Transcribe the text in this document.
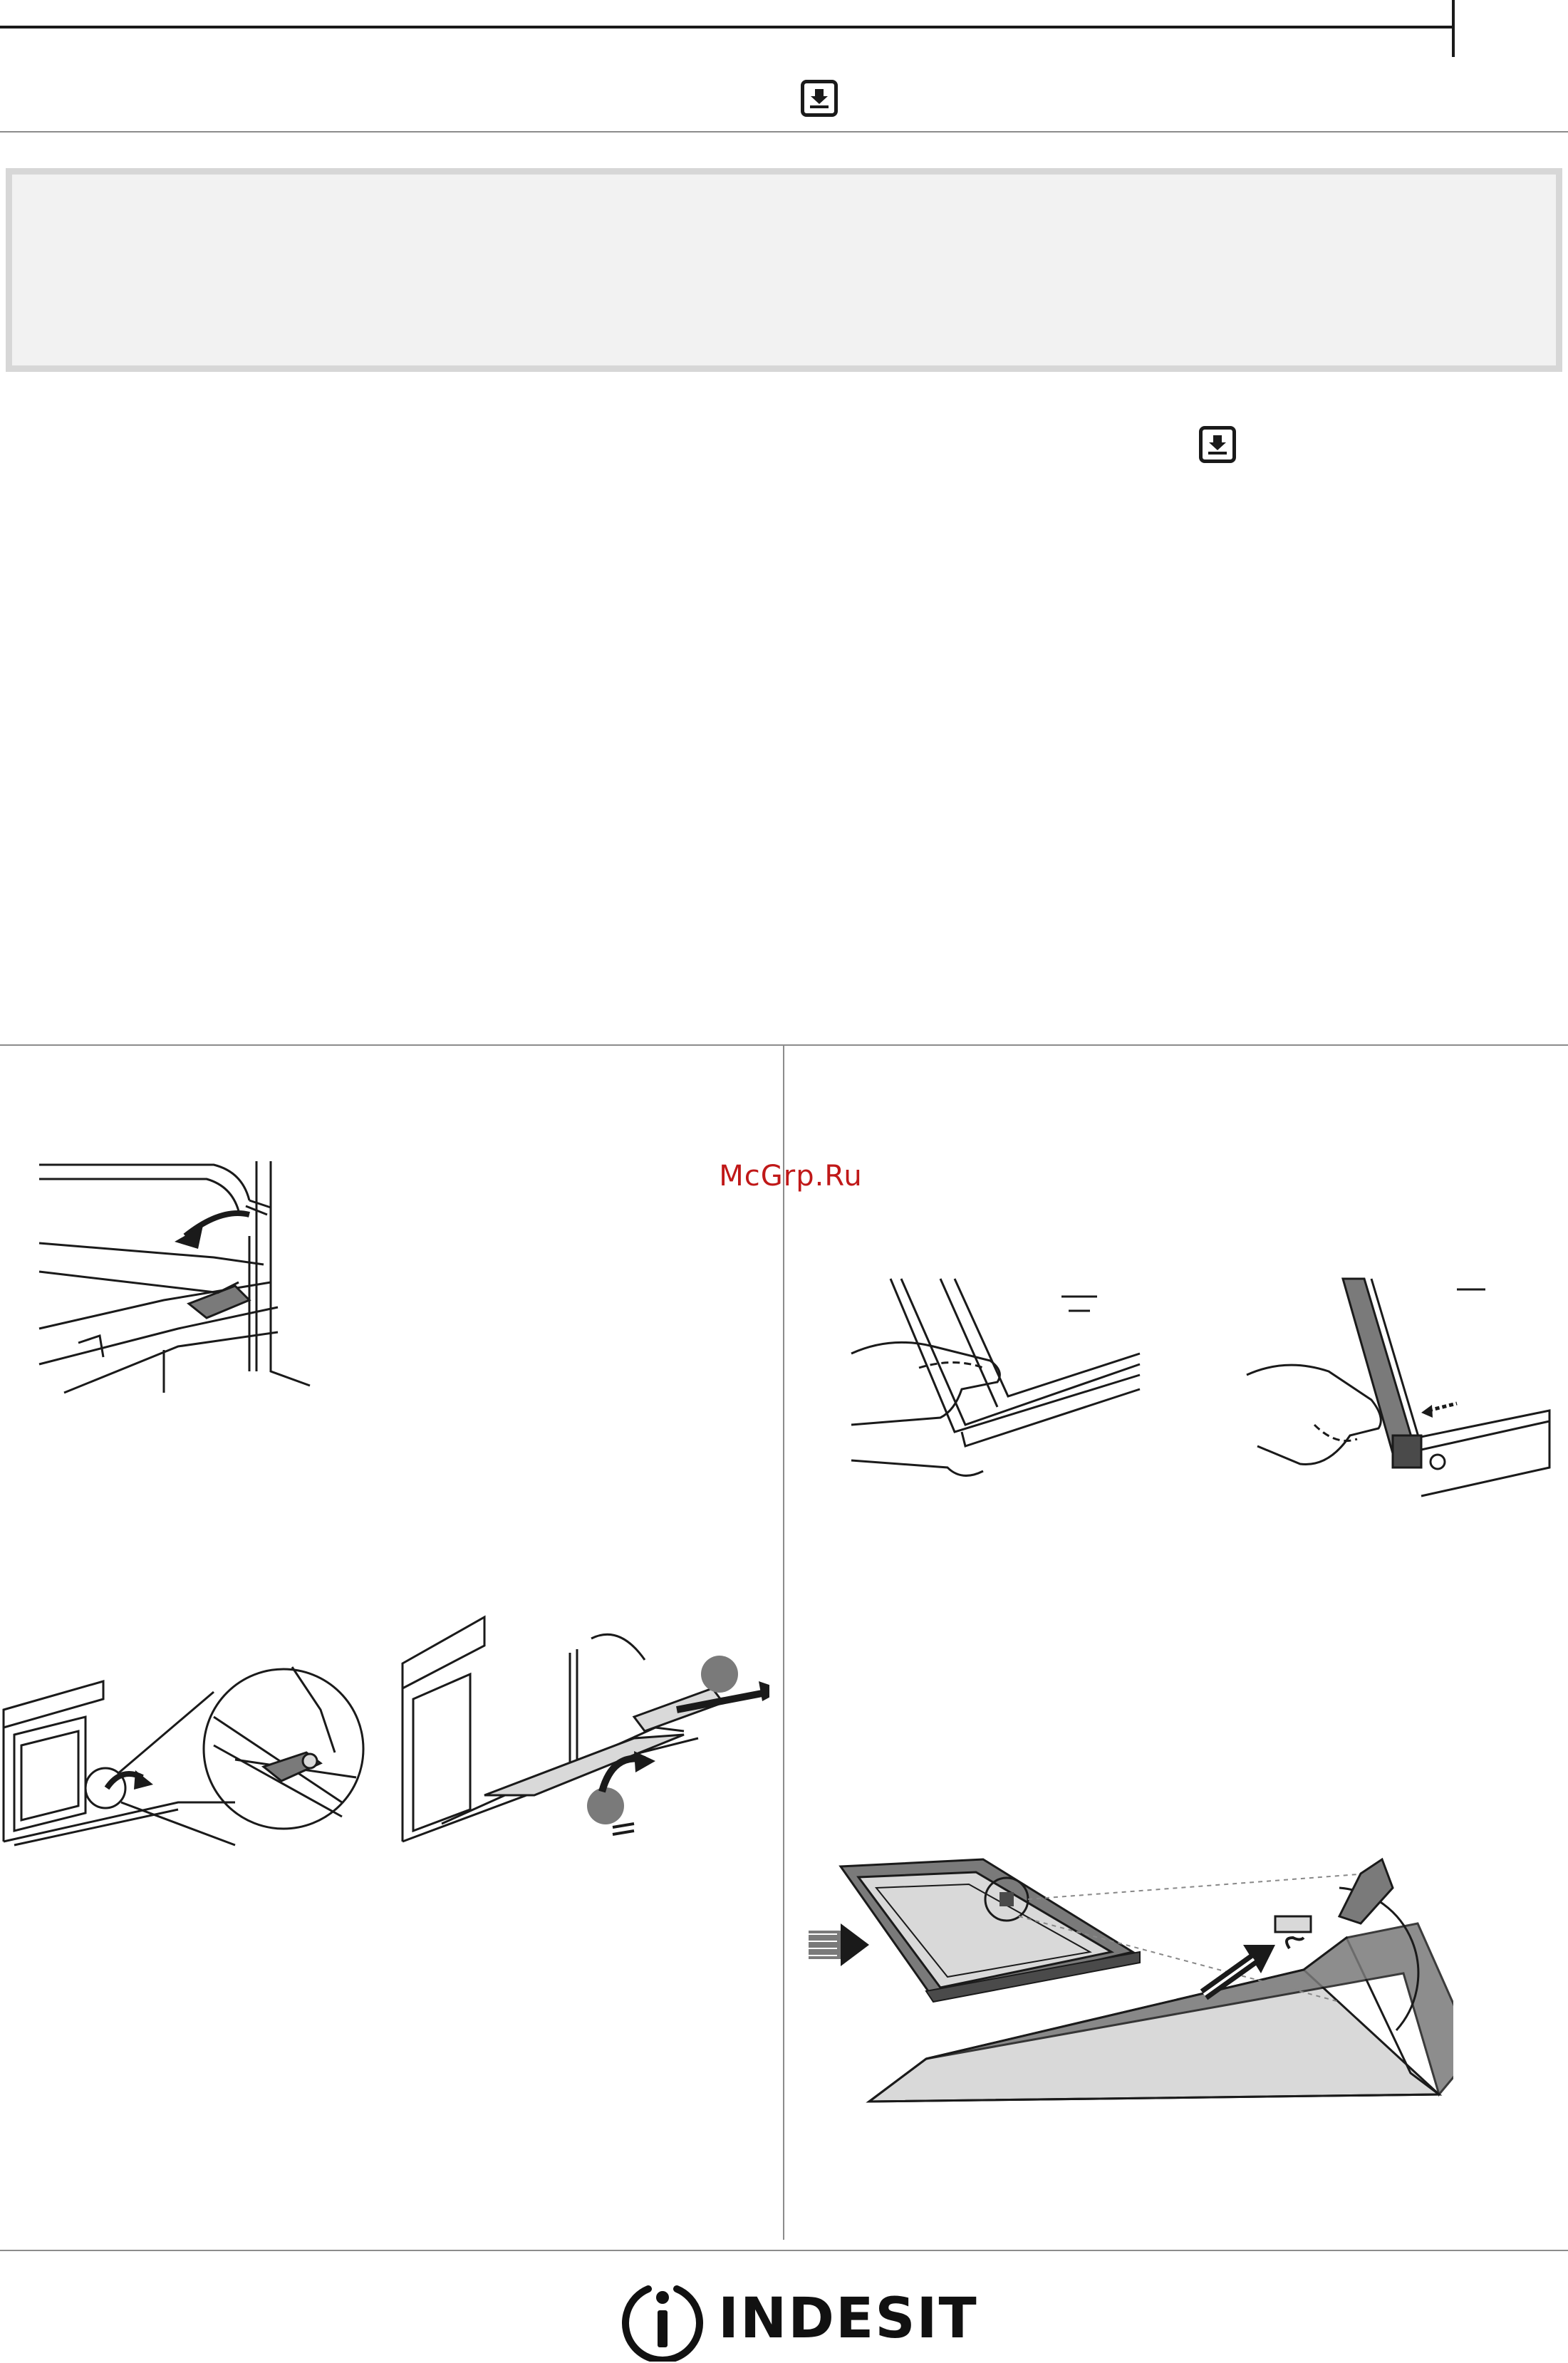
McGrp.Ru
INDESIT
